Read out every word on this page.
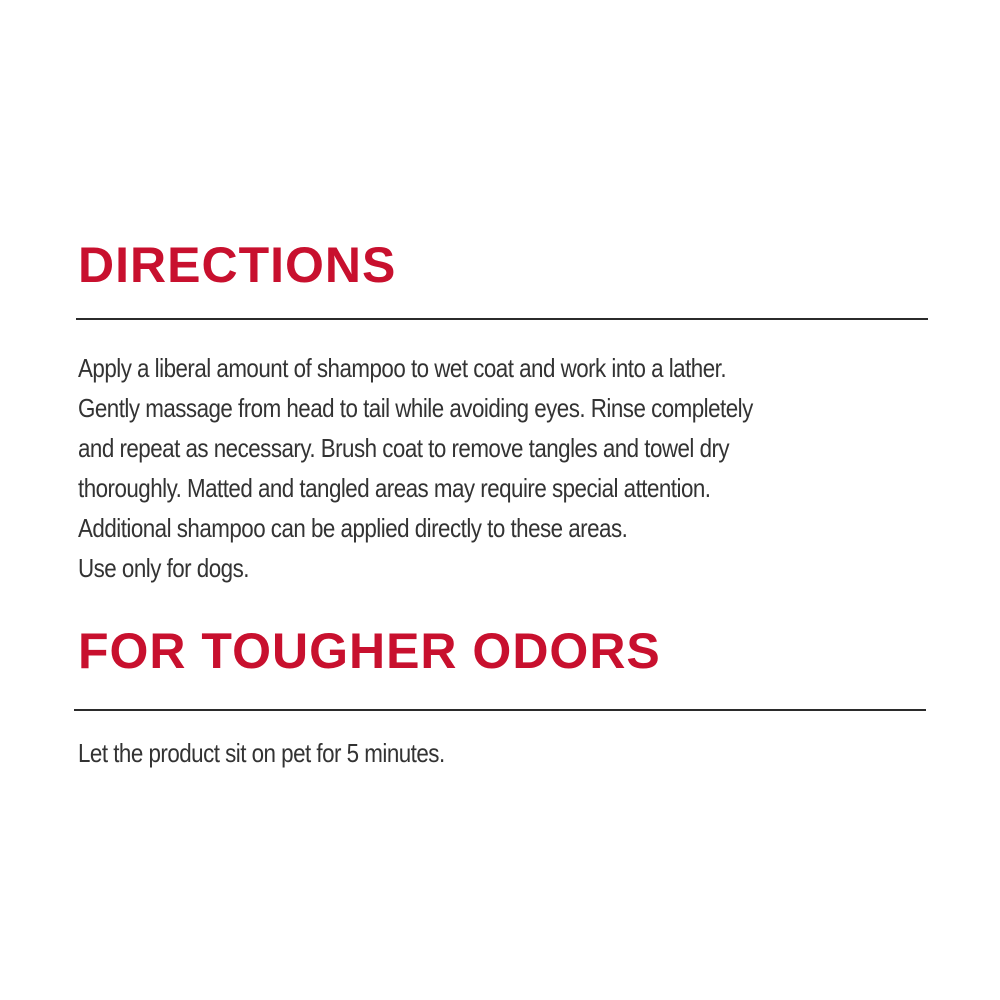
DIRECTIONS

Apply a liberal amount of shampoo to wet coat and work into a lather.
Gently massage from head to tail while avoiding eyes. Rinse completely
and repeat as necessary. Brush coat to remove tangles and towel dry
thoroughly. Matted and tangled areas may require special attention.
Additional shampoo can be applied directly to these areas.
Use only for dogs.

FOR TOUGHER ODORS

Let the product sit on pet for 5 minutes.
